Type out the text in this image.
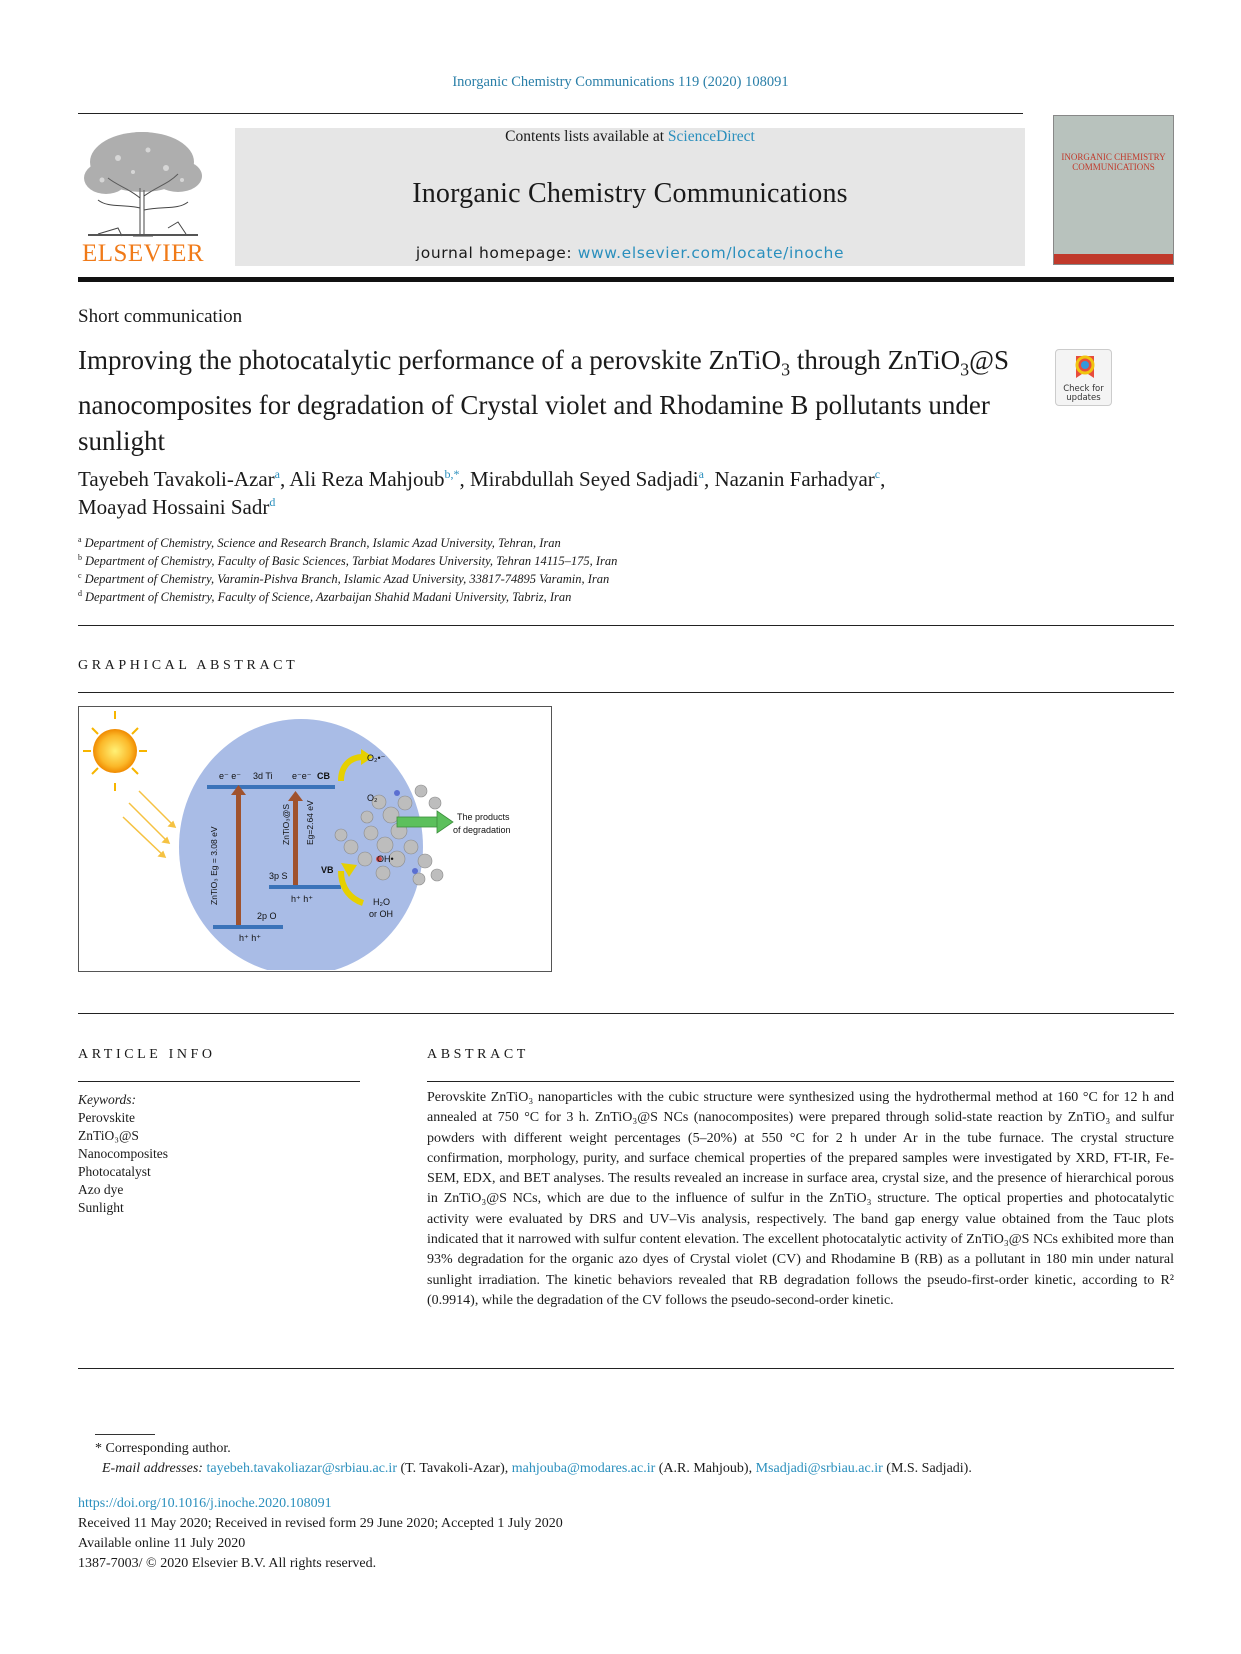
Inorganic Chemistry Communications 119 (2020) 108091
ELSEVIER
Contents lists available at ScienceDirect
Inorganic Chemistry Communications
journal homepage: www.elsevier.com/locate/inoche
INORGANIC CHEMISTRY COMMUNICATIONS
Short communication
Improving the photocatalytic performance of a perovskite ZnTiO$_3$ through ZnTiO$_3$@S nanocomposites for degradation of Crystal violet and Rhodamine B pollutants under sunlight
Check for updates
Tayebeh Tavakoli-Azar$^a$, Ali Reza Mahjoub$^{b,*}$, Mirabdullah Seyed Sadjadi$^a$, Nazanin Farhadyar$^c$,
Moayad Hossaini Sadr$^d$
$^a$ Department of Chemistry, Science and Research Branch, Islamic Azad University, Tehran, Iran
$^b$ Department of Chemistry, Faculty of Basic Sciences, Tarbiat Modares University, Tehran 14115–175, Iran
$^c$ Department of Chemistry, Varamin-Pishva Branch, Islamic Azad University, 33817-74895 Varamin, Iran
$^d$ Department of Chemistry, Faculty of Science, Azarbaijan Shahid Madani University, Tabriz, Iran
GRAPHICAL ABSTRACT
e⁻ e⁻ 3d Ti e⁻e⁻ CB
3p S
VB
h⁺ h⁺
2p O
h⁺ h⁺
ZnTiO₃ Eg = 3.08 eV
ZnTiO₃@S Eg=2.64 eV
O₂•⁻
O₂
OH•
H₂O
or OH
The products
of degradation
ARTICLE INFO	ABSTRACT
Keywords:
Perovskite
ZnTiO₃@S
Nanocomposites
Photocatalyst
Azo dye
Sunlight
Perovskite ZnTiO₃ nanoparticles with the cubic structure were synthesized using the hydrothermal method at 160 °C for 12 h and annealed at 750 °C for 3 h. ZnTiO₃@S NCs (nanocomposites) were prepared through solid-state reaction by ZnTiO₃ and sulfur powders with different weight percentages (5–20%) at 550 °C for 2 h under Ar in the tube furnace. The crystal structure confirmation, morphology, purity, and surface chemical properties of the prepared samples were investigated by XRD, FT-IR, Fe-SEM, EDX, and BET analyses. The results revealed an increase in surface area, crystal size, and the presence of hierarchical porous in ZnTiO₃@S NCs, which are due to the influence of sulfur in the ZnTiO₃ structure. The optical properties and photocatalytic activity were evaluated by DRS and UV–Vis analysis, respectively. The band gap energy value obtained from the Tauc plots indicated that it narrowed with sulfur content elevation. The excellent photocatalytic activity of ZnTiO₃@S NCs exhibited more than 93% degradation for the organic azo dyes of Crystal violet (CV) and Rhodamine B (RB) as a pollutant in 180 min under natural sunlight irradiation. The kinetic behaviors revealed that RB degradation follows the pseudo-first-order kinetic, according to R² (0.9914), while the degradation of the CV follows the pseudo-second-order kinetic.
* Corresponding author.
E-mail addresses: tayebeh.tavakoliazar@srbiau.ac.ir (T. Tavakoli-Azar), mahjouba@modares.ac.ir (A.R. Mahjoub), Msadjadi@srbiau.ac.ir (M.S. Sadjadi).
https://doi.org/10.1016/j.inoche.2020.108091
Received 11 May 2020; Received in revised form 29 June 2020; Accepted 1 July 2020
Available online 11 July 2020
1387-7003/ © 2020 Elsevier B.V. All rights reserved.
